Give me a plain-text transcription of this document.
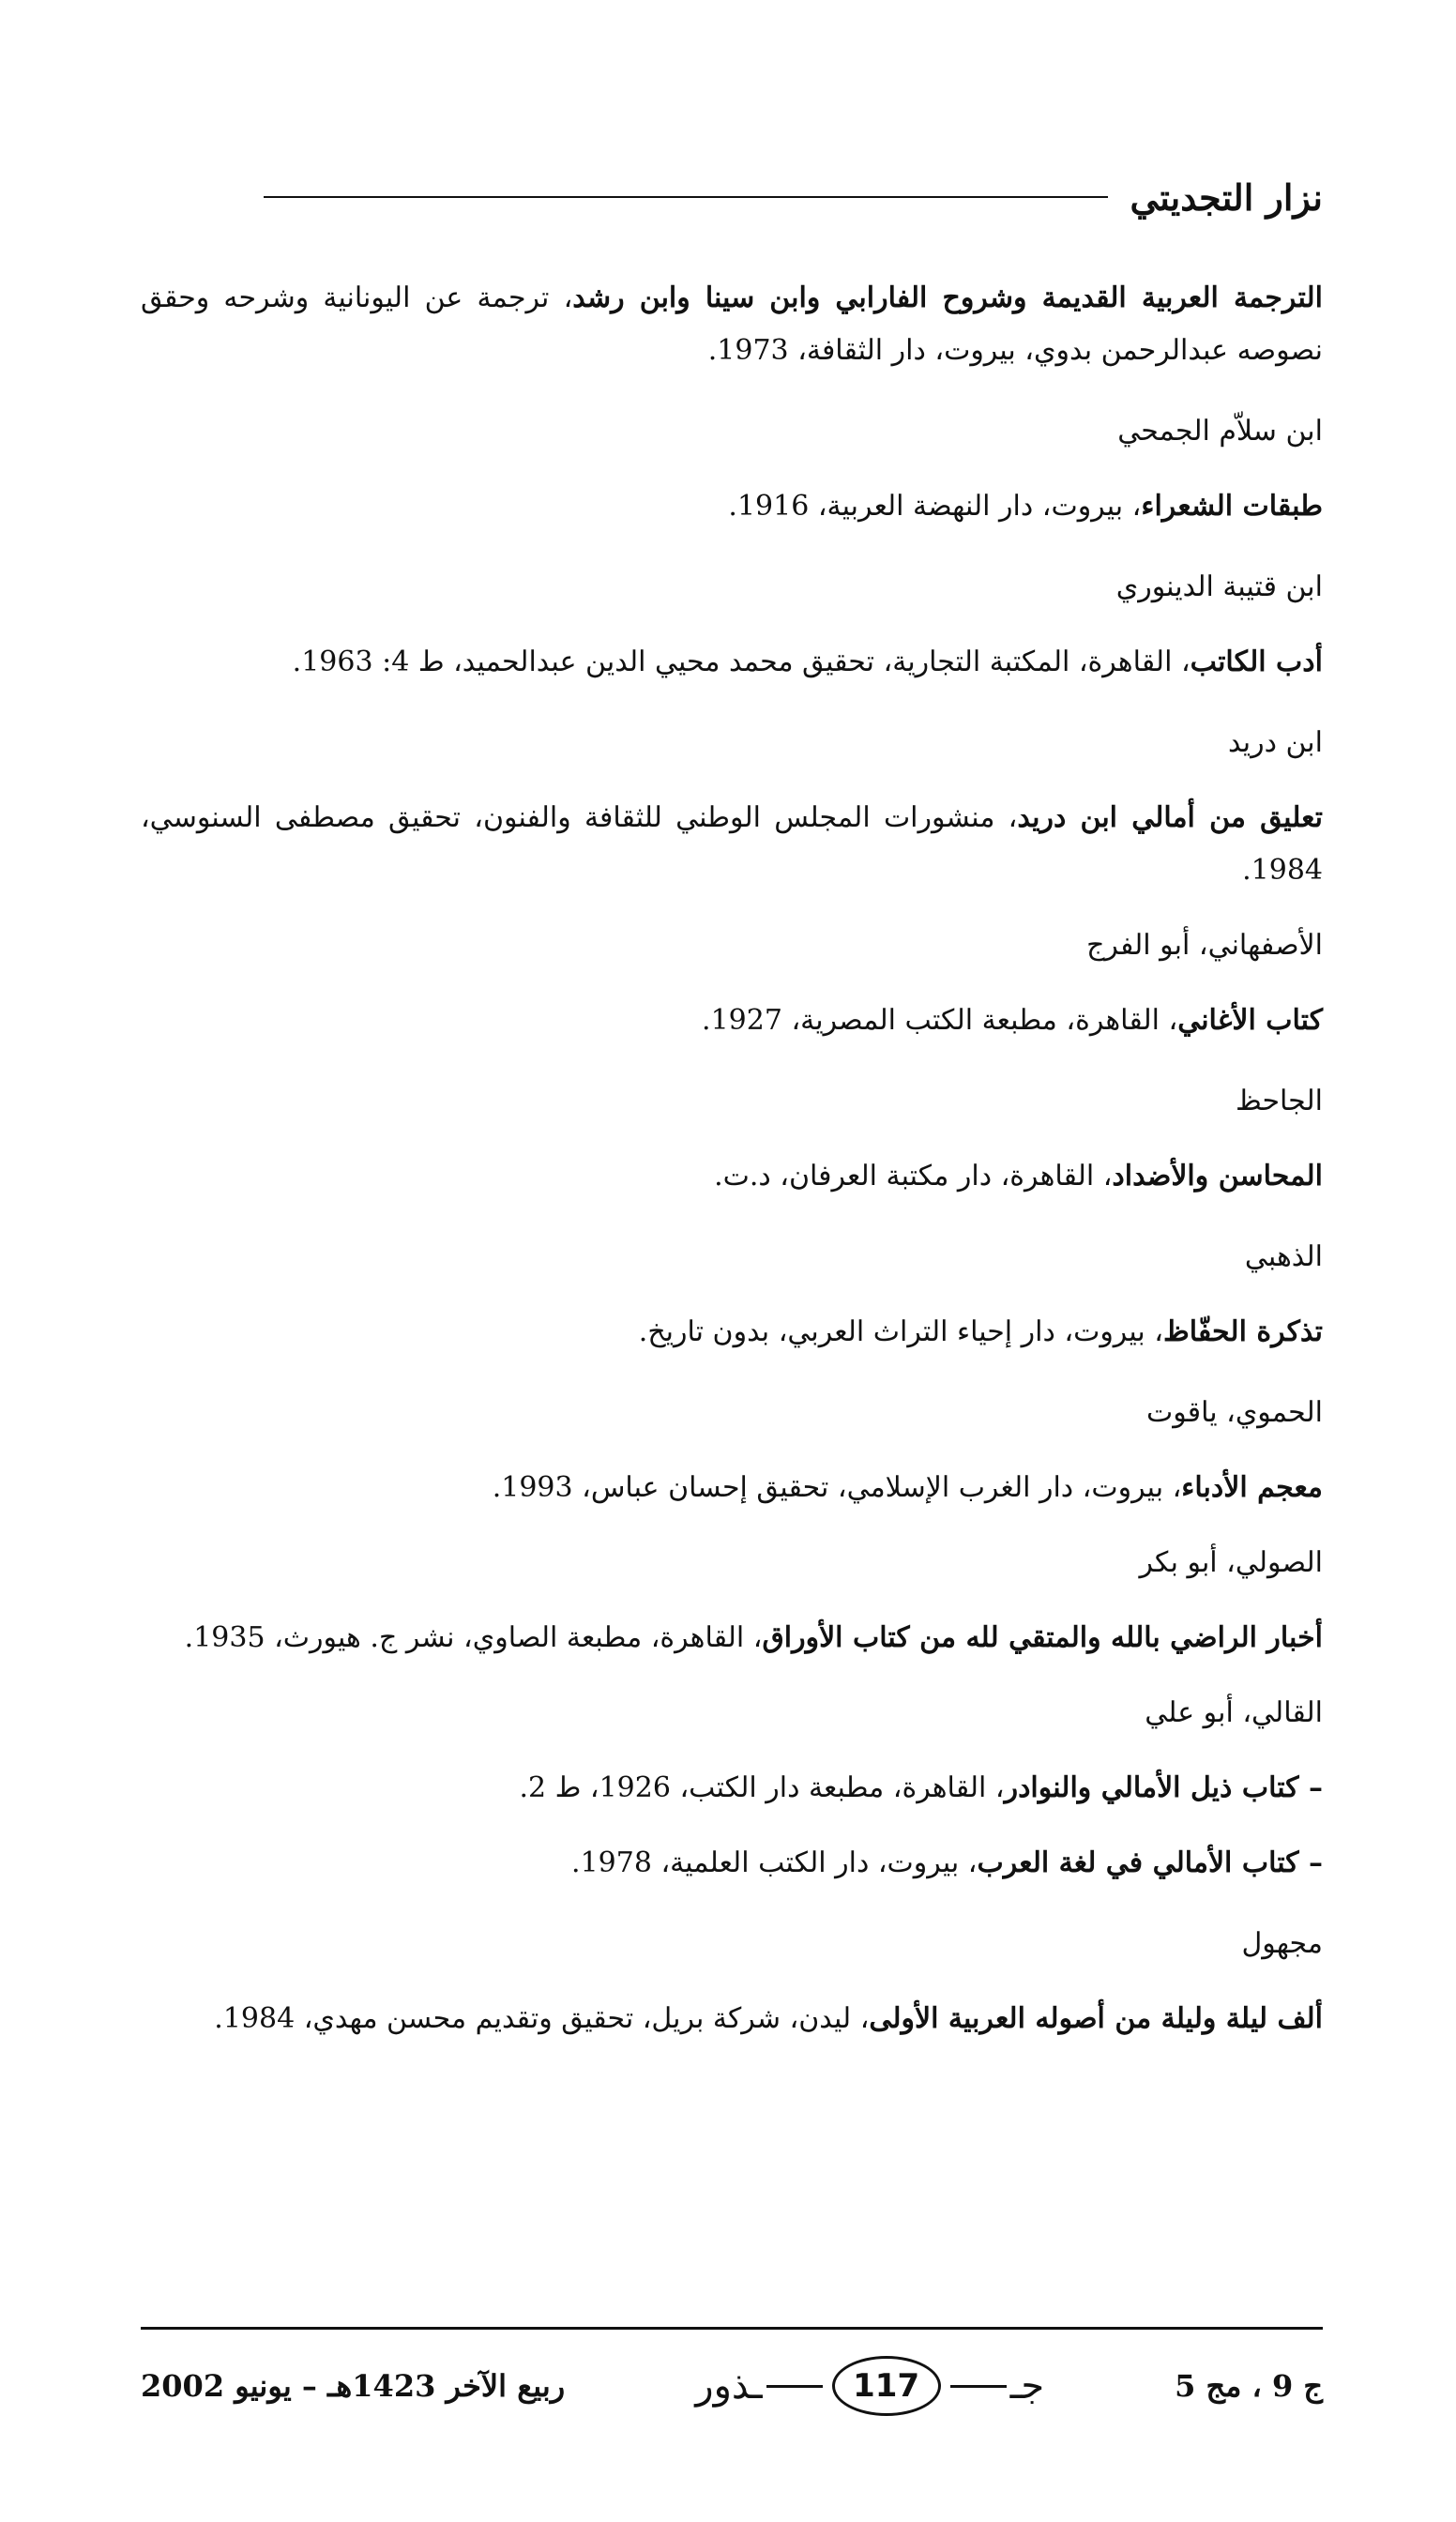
نزار التجديتي

الترجمة العربية القديمة وشروح الفارابي وابن سينا وابن رشد، ترجمة عن اليونانية وشرحه وحقق نصوصه عبدالرحمن بدوي، بيروت، دار الثقافة، 1973.

ابن سلاّم الجمحي

طبقات الشعراء، بيروت، دار النهضة العربية، 1916.

ابن قتيبة الدينوري

أدب الكاتب، القاهرة، المكتبة التجارية، تحقيق محمد محيي الدين عبدالحميد، ط 4: 1963.

ابن دريد

تعليق من أمالي ابن دريد، منشورات المجلس الوطني للثقافة والفنون، تحقيق مصطفى السنوسي، 1984.

الأصفهاني، أبو الفرج

كتاب الأغاني، القاهرة، مطبعة الكتب المصرية، 1927.

الجاحظ

المحاسن والأضداد، القاهرة، دار مكتبة العرفان، د.ت.

الذهبي

تذكرة الحفّاظ، بيروت، دار إحياء التراث العربي، بدون تاريخ.

الحموي، ياقوت

معجم الأدباء، بيروت، دار الغرب الإسلامي، تحقيق إحسان عباس، 1993.

الصولي، أبو بكر

أخبار الراضي بالله والمتقي لله من كتاب الأوراق، القاهرة، مطبعة الصاوي، نشر ج. هيورث، 1935.

القالي، أبو علي

– كتاب ذيل الأمالي والنوادر، القاهرة، مطبعة دار الكتب، 1926، ط 2.

– كتاب الأمالي في لغة العرب، بيروت، دار الكتب العلمية، 1978.

مجهول

ألف ليلة وليلة من أصوله العربية الأولى، ليدن، شركة بريل، تحقيق وتقديم محسن مهدي، 1984.

ج 9 ، مج 5
جـ
117
ـذور
ربيع الآخر 1423هـ – يونيو 2002
